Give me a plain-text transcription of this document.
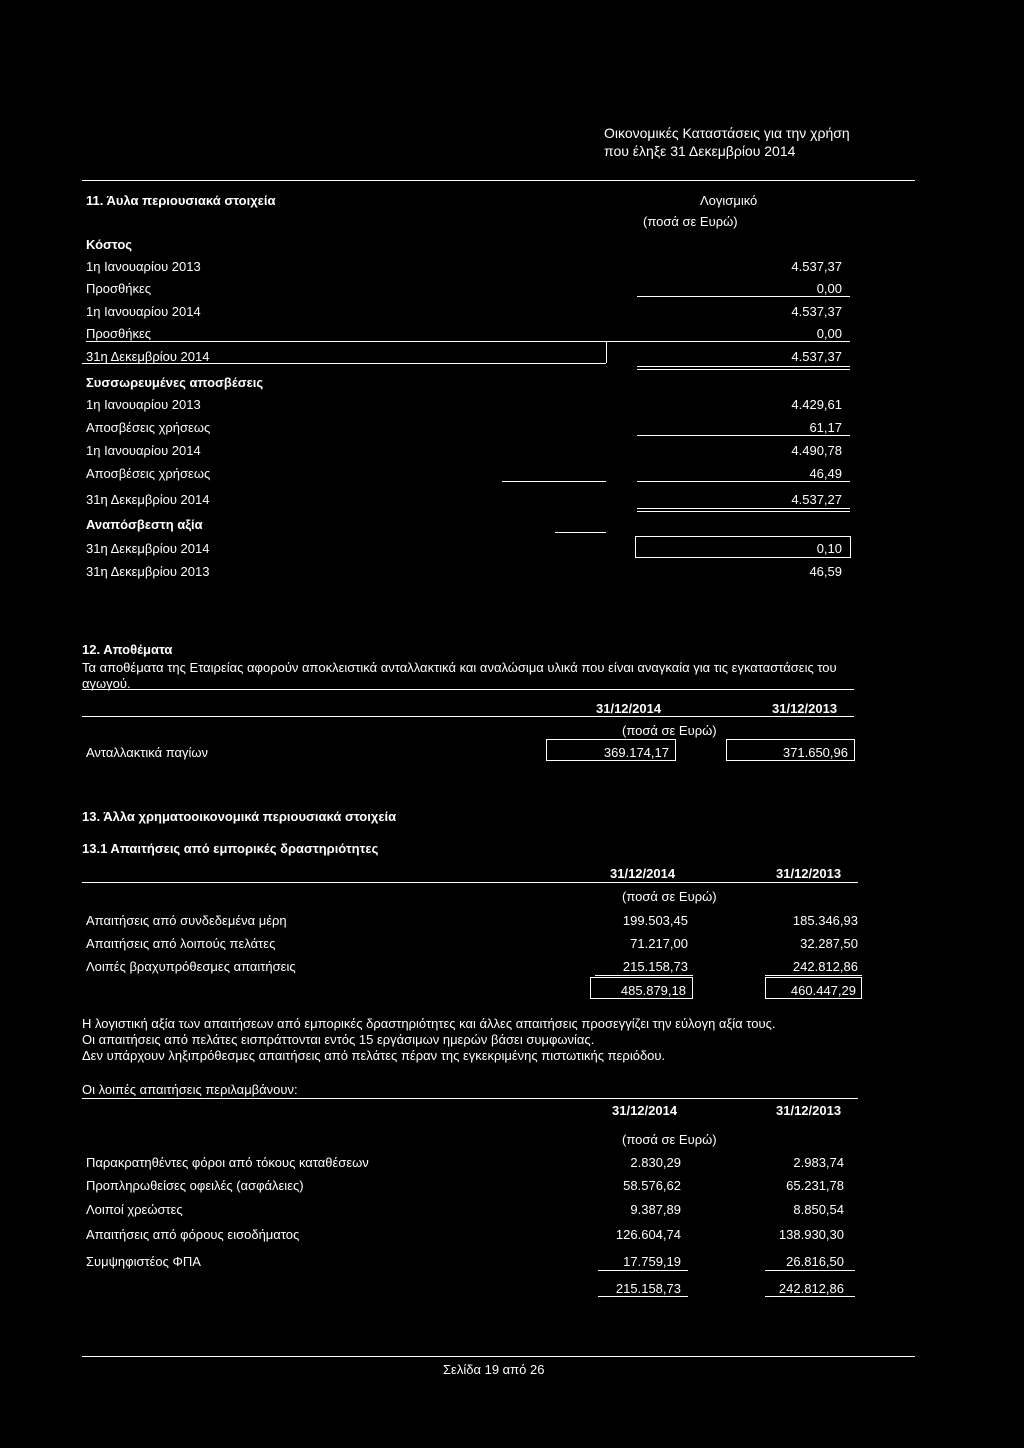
Οικονομικές Καταστάσεις για την χρήση
που έληξε 31 Δεκεμβρίου 2014
11. Άυλα περιουσιακά στοιχεία	Λογισμικό
(ποσά σε Ευρώ)
Κόστος
1η Ιανουαρίου 2013	4.537,37
Προσθήκες	0,00
1η Ιανουαρίου 2014	4.537,37
Προσθήκες	0,00
31η Δεκεμβρίου 2014	4.537,37
Συσσωρευμένες αποσβέσεις
1η Ιανουαρίου 2013	4.429,61
Αποσβέσεις χρήσεως	61,17
1η Ιανουαρίου 2014	4.490,78
Αποσβέσεις χρήσεως	46,49
31η Δεκεμβρίου 2014	4.537,27
Αναπόσβεστη αξία
31η Δεκεμβρίου 2014	0,10
31η Δεκεμβρίου 2013	46,59
12. Αποθέματα
Τα αποθέματα της Εταιρείας αφορούν αποκλειστικά ανταλλακτικά και αναλώσιμα υλικά που είναι αναγκαία για τις εγκαταστάσεις του
αγωγού.
31/12/2014	31/12/2013
(ποσά σε Ευρώ)
Ανταλλακτικά παγίων	369.174,17	371.650,96
13. Άλλα χρηματοοικονομικά περιουσιακά στοιχεία
13.1 Απαιτήσεις από εμπορικές δραστηριότητες
31/12/2014	31/12/2013
(ποσά σε Ευρώ)
Απαιτήσεις από συνδεδεμένα μέρη	199.503,45	185.346,93
Απαιτήσεις από λοιπούς πελάτες	71.217,00	32.287,50
Λοιπές βραχυπρόθεσμες απαιτήσεις	215.158,73	242.812,86
485.879,18	460.447,29
Η λογιστική αξία των απαιτήσεων από εμπορικές δραστηριότητες και άλλες απαιτήσεις προσεγγίζει την εύλογη αξία τους.
Οι απαιτήσεις από πελάτες εισπράττονται εντός 15 εργάσιμων ημερών βάσει συμφωνίας.
Δεν υπάρχουν ληξιπρόθεσμες απαιτήσεις από πελάτες πέραν της εγκεκριμένης πιστωτικής περιόδου.
Οι λοιπές απαιτήσεις περιλαμβάνουν:
31/12/2014	31/12/2013
(ποσά σε Ευρώ)
Παρακρατηθέντες φόροι από τόκους καταθέσεων	2.830,29	2.983,74
Προπληρωθείσες οφειλές (ασφάλειες)	58.576,62	65.231,78
Λοιποί χρεώστες	9.387,89	8.850,54
Απαιτήσεις από φόρους εισοδήματος	126.604,74	138.930,30
Συμψηφιστέος ΦΠΑ	17.759,19	26.816,50
215.158,73	242.812,86
Σελίδα 19 από 26
